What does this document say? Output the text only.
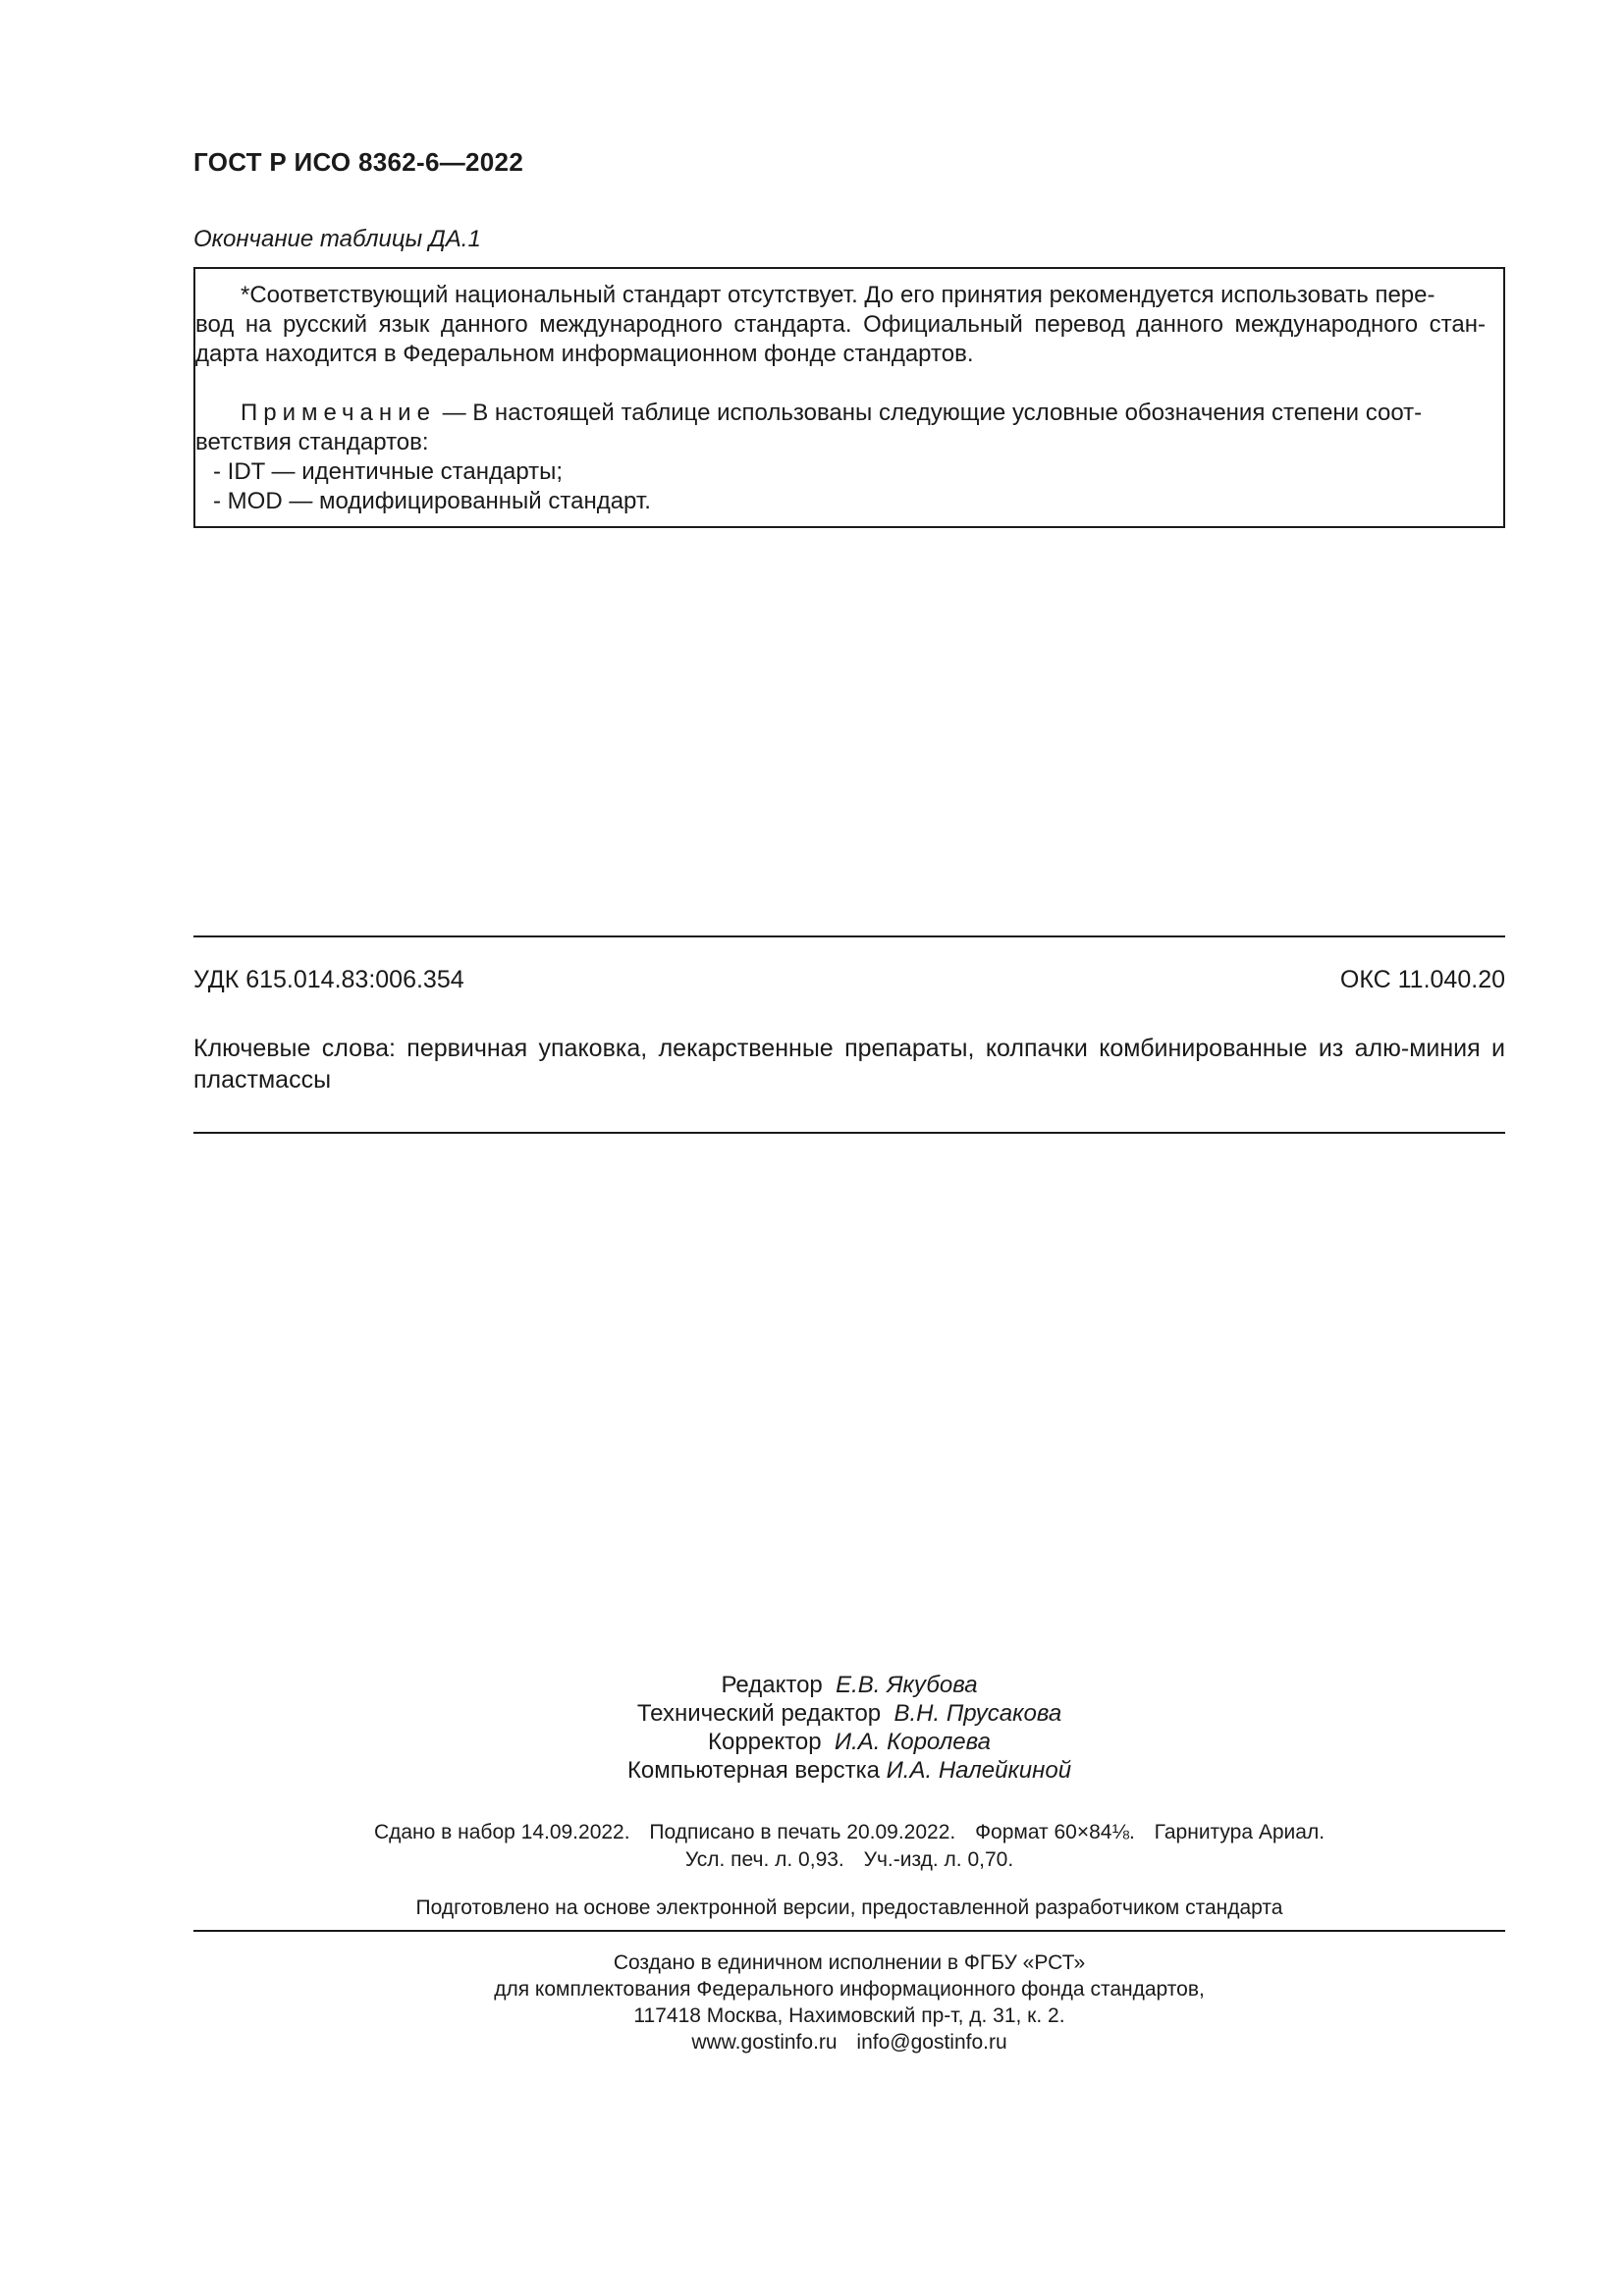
ГОСТ Р ИСО 8362-6—2022
Окончание таблицы ДА.1

*Соответствующий национальный стандарт отсутствует. До его принятия рекомендуется использовать пере-

вод на русский язык данного международного стандарта. Официальный перевод данного международного стан-дарта находится в Федеральном информационном фонде стандартов.

Примечание — В настоящей таблице использованы следующие условные обозначения степени соот-

ветствия стандартов:

- IDT — идентичные стандарты;

- MOD — модифицированный стандарт.

УДК 615.014.83:006.354	ОКС 11.040.20
Ключевые слова: первичная упаковка, лекарственные препараты, колпачки комбинированные из алю-миния и пластмассы
Редактор Е.В. Якубова
Технический редактор В.Н. Прусакова
Корректор И.А. Королева
Компьютерная верстка И.А. Налейкиной
Сдано в набор 14.09.2022. Подписано в печать 20.09.2022. Формат 60×84⅛. Гарнитура Ариал.
Усл. печ. л. 0,93. Уч.-изд. л. 0,70.
Подготовлено на основе электронной версии, предоставленной разработчиком стандарта
Создано в единичном исполнении в ФГБУ «РСТ»
для комплектования Федерального информационного фонда стандартов,
117418 Москва, Нахимовский пр-т, д. 31, к. 2.
www.gostinfo.ru info@gostinfo.ru
